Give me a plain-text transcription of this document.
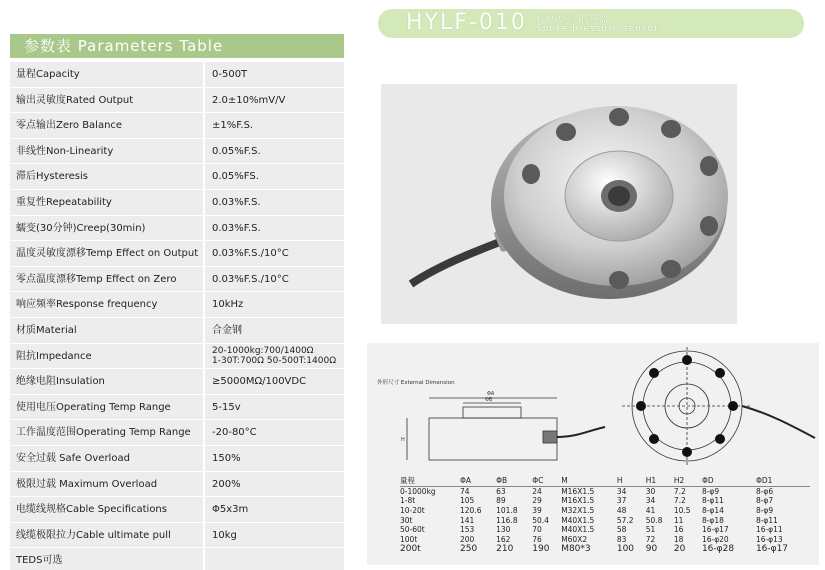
参数表 Parameters Table
量程Capacity	0-500T
输出灵敏度Rated Output	2.0±10%mV/V
零点输出Zero Balance	±1%F.S.
非线性Non-Linearity	0.05%F.S.
滞后Hysteresis	0.05%FS.
重复性Repeatability	0.03%F.S.
蠕变(30分钟)Creep(30min)	0.03%F.S.
温度灵敏度漂移Temp Effect on Output	0.03%F.S./10°C
零点温度漂移Temp Effect on Zero	0.03%F.S./10°C
响应频率Response frequency	10kHz
材质Material	合金钢
阻抗Impedance	20-1000kg:700/1400Ω
1-30T:700Ω 50-500T:1400Ω
绝缘电阻Insulation	≥5000MΩ/100VDC
使用电压Operating Temp Range	5-15v
工作温度范围Operating Temp Range	-20-80°C
安全过载 Safe Overload	150%
极限过载 Maximum Overload	200%
电缆线规格Cable Specifications	Φ5x3m
线缆极限拉力Cable ultimate pull	10kg
TEDS可选
HYLF-010 轮辐式压力传感器
Spoke pressure sensor
外形尺寸 External Dimension
ΦA
ΦB
H
量程	ΦA	ΦB	ΦC	M	H	H1	H2	ΦD	ΦD1
0-1000kg	74	63	24	M16X1.5	34	30	7.2	8-φ9	8-φ6
1-8t	105	89	29	M16X1.5	37	34	7.2	8-φ11	8-φ7
10-20t	120.6	101.8	39	M32X1.5	48	41	10.5	8-φ14	8-φ9
30t	141	116.8	50.4	M40X1.5	57.2	50.8	11	8-φ18	8-φ11
50-60t	153	130	70	M40X1.5	58	51	16	16-φ17	16-φ11
100t	200	162	76	M60X2	83	72	18	16-φ20	16-φ13
200t	250	210	190	M80*3	100	90	20	16-φ28	16-φ17
